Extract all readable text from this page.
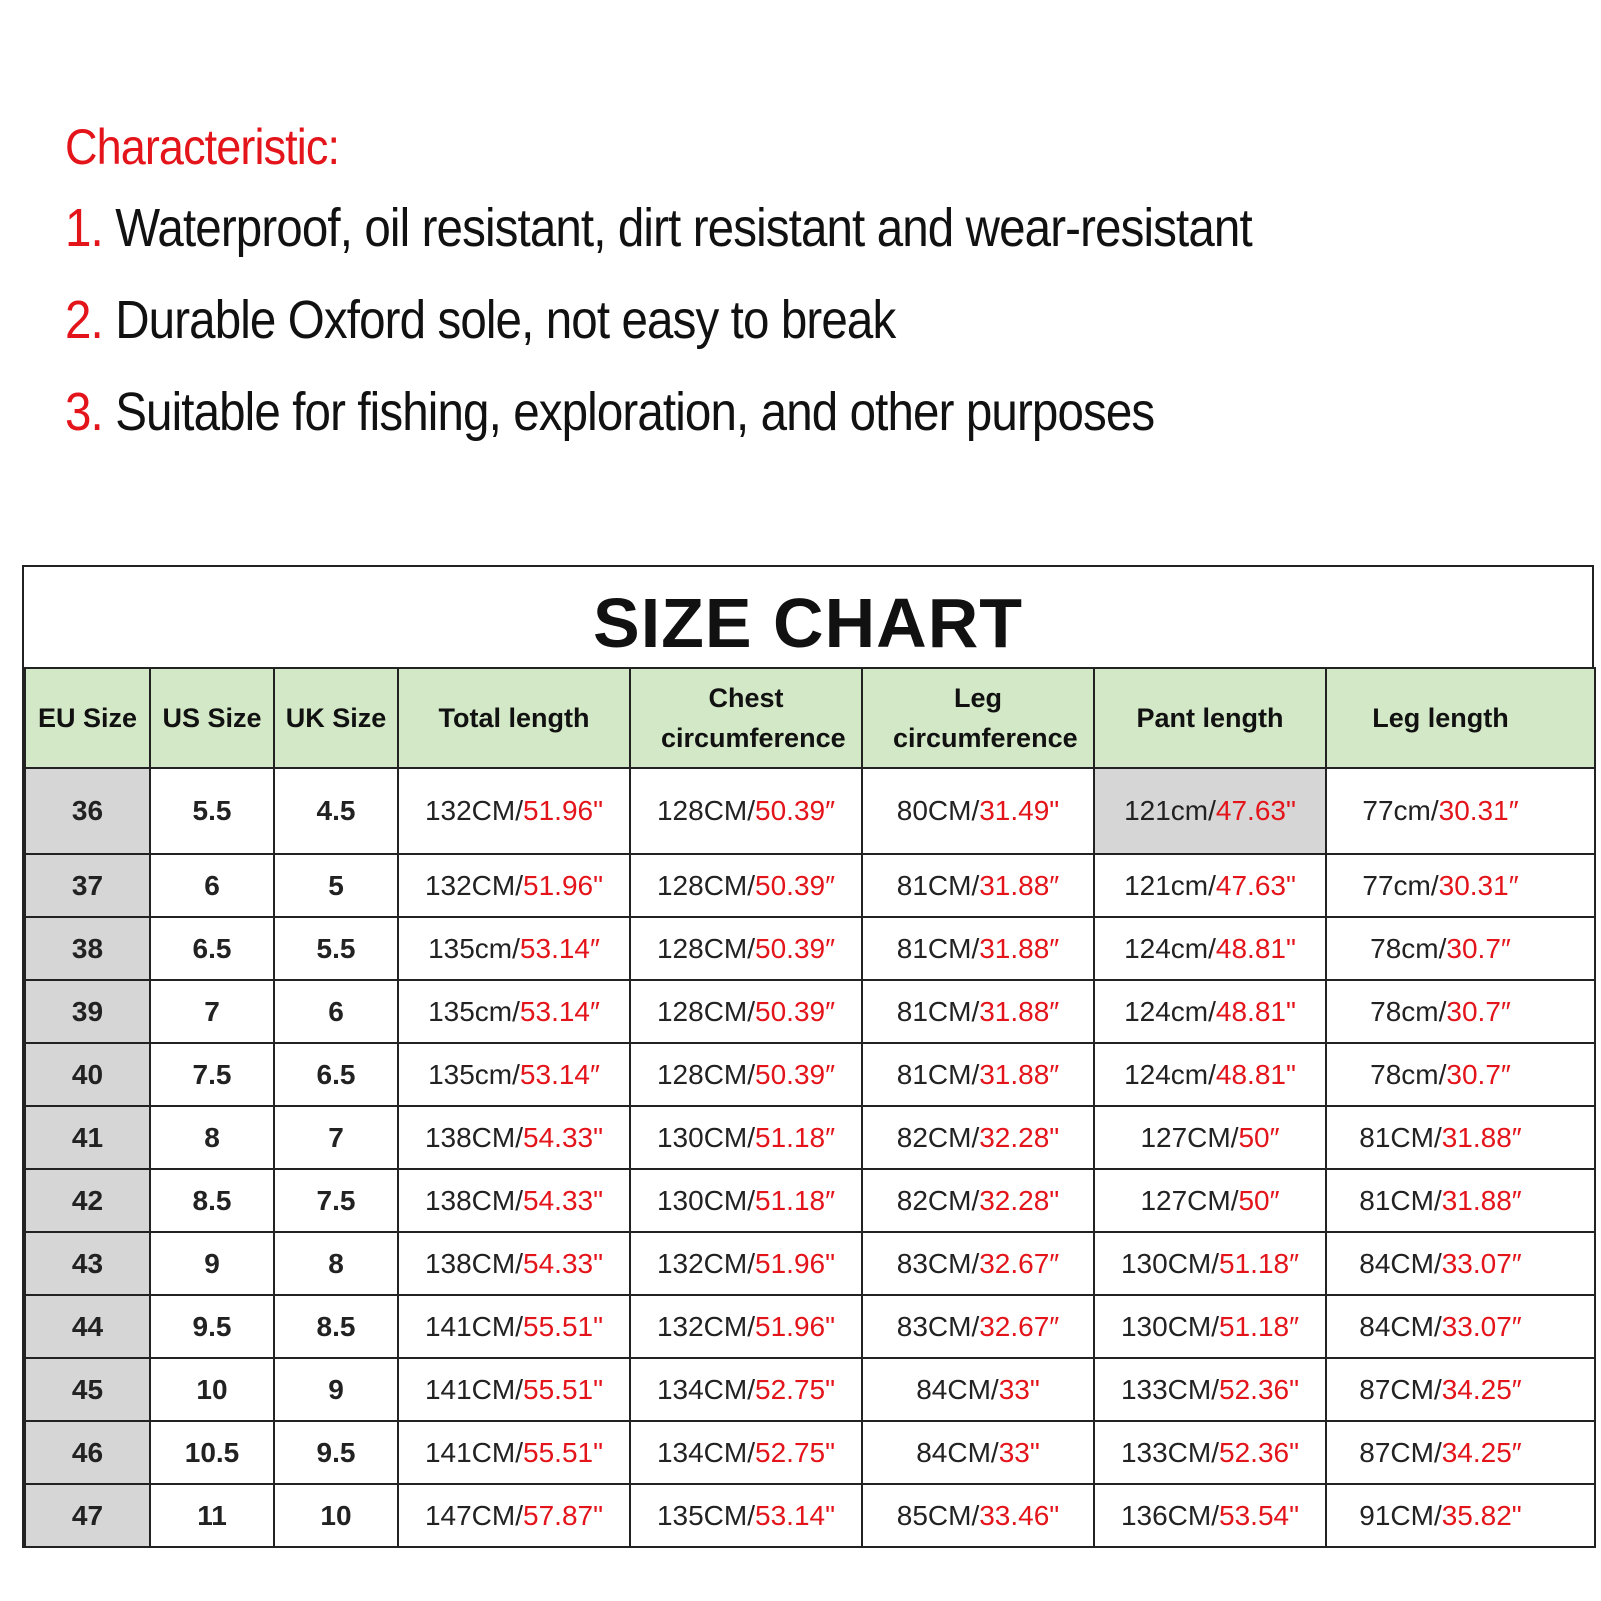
Characteristic:
1. Waterproof, oil resistant, dirt resistant and wear-resistant
2. Durable Oxford sole, not easy to break
3. Suitable for fishing, exploration, and other purposes
SIZE CHART
EU Size	US Size	UK Size	Total length	Chest circumference	Leg circumference	Pant length	Leg length
36	5.5	4.5	132CM/51.96"	128CM/50.39″	80CM/31.49"	121cm/47.63"	77cm/30.31″
37	6	5	132CM/51.96"	128CM/50.39″	81CM/31.88″	121cm/47.63"	77cm/30.31″
38	6.5	5.5	135cm/53.14″	128CM/50.39″	81CM/31.88″	124cm/48.81"	78cm/30.7″
39	7	6	135cm/53.14″	128CM/50.39″	81CM/31.88″	124cm/48.81"	78cm/30.7″
40	7.5	6.5	135cm/53.14″	128CM/50.39″	81CM/31.88″	124cm/48.81"	78cm/30.7″
41	8	7	138CM/54.33"	130CM/51.18″	82CM/32.28"	127CM/50″	81CM/31.88″
42	8.5	7.5	138CM/54.33"	130CM/51.18″	82CM/32.28"	127CM/50″	81CM/31.88″
43	9	8	138CM/54.33"	132CM/51.96"	83CM/32.67″	130CM/51.18″	84CM/33.07″
44	9.5	8.5	141CM/55.51"	132CM/51.96"	83CM/32.67″	130CM/51.18″	84CM/33.07″
45	10	9	141CM/55.51"	134CM/52.75"	84CM/33"	133CM/52.36"	87CM/34.25″
46	10.5	9.5	141CM/55.51"	134CM/52.75"	84CM/33"	133CM/52.36"	87CM/34.25″
47	11	10	147CM/57.87"	135CM/53.14"	85CM/33.46"	136CM/53.54"	91CM/35.82"
